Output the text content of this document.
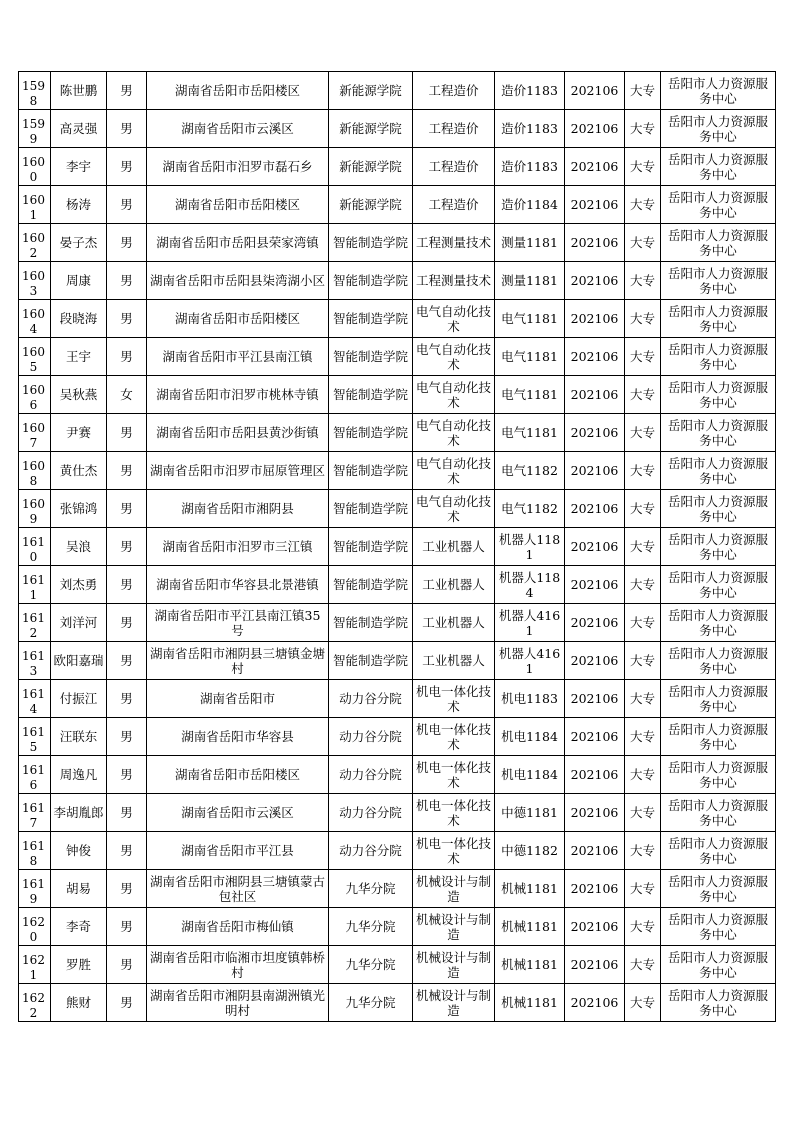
1598	陈世鹏	男	湖南省岳阳市岳阳楼区	新能源学院	工程造价	造价1183	202106	大专	岳阳市人力资源服务中心

1599	高灵强	男	湖南省岳阳市云溪区	新能源学院	工程造价	造价1183	202106	大专	岳阳市人力资源服务中心

1600	李宇	男	湖南省岳阳市汨罗市磊石乡	新能源学院	工程造价	造价1183	202106	大专	岳阳市人力资源服务中心

1601	杨涛	男	湖南省岳阳市岳阳楼区	新能源学院	工程造价	造价1184	202106	大专	岳阳市人力资源服务中心

1602	晏子杰	男	湖南省岳阳市岳阳县荣家湾镇	智能制造学院	工程测量技术	测量1181	202106	大专	岳阳市人力资源服务中心

1603	周康	男	湖南省岳阳市岳阳县柒湾湖小区	智能制造学院	工程测量技术	测量1181	202106	大专	岳阳市人力资源服务中心

1604	段晓海	男	湖南省岳阳市岳阳楼区	智能制造学院	电气自动化技术	电气1181	202106	大专	岳阳市人力资源服务中心

1605	王宇	男	湖南省岳阳市平江县南江镇	智能制造学院	电气自动化技术	电气1181	202106	大专	岳阳市人力资源服务中心

1606	吴秋燕	女	湖南省岳阳市汨罗市桃林寺镇	智能制造学院	电气自动化技术	电气1181	202106	大专	岳阳市人力资源服务中心

1607	尹赛	男	湖南省岳阳市岳阳县黄沙街镇	智能制造学院	电气自动化技术	电气1181	202106	大专	岳阳市人力资源服务中心

1608	黄仕杰	男	湖南省岳阳市汨罗市屈原管理区	智能制造学院	电气自动化技术	电气1182	202106	大专	岳阳市人力资源服务中心

1609	张锦鸿	男	湖南省岳阳市湘阴县	智能制造学院	电气自动化技术	电气1182	202106	大专	岳阳市人力资源服务中心

1610	吴浪	男	湖南省岳阳市汨罗市三江镇	智能制造学院	工业机器人	机器人1181	202106	大专	岳阳市人力资源服务中心

1611	刘杰勇	男	湖南省岳阳市华容县北景港镇	智能制造学院	工业机器人	机器人1184	202106	大专	岳阳市人力资源服务中心

1612	刘洋河	男	湖南省岳阳市平江县南江镇35号	智能制造学院	工业机器人	机器人4161	202106	大专	岳阳市人力资源服务中心

1613	欧阳嘉瑞	男	湖南省岳阳市湘阴县三塘镇金塘村	智能制造学院	工业机器人	机器人4161	202106	大专	岳阳市人力资源服务中心

1614	付振江	男	湖南省岳阳市	动力谷分院	机电一体化技术	机电1183	202106	大专	岳阳市人力资源服务中心

1615	汪联东	男	湖南省岳阳市华容县	动力谷分院	机电一体化技术	机电1184	202106	大专	岳阳市人力资源服务中心

1616	周逸凡	男	湖南省岳阳市岳阳楼区	动力谷分院	机电一体化技术	机电1184	202106	大专	岳阳市人力资源服务中心

1617	李胡胤郎	男	湖南省岳阳市云溪区	动力谷分院	机电一体化技术	中德1181	202106	大专	岳阳市人力资源服务中心

1618	钟俊	男	湖南省岳阳市平江县	动力谷分院	机电一体化技术	中德1182	202106	大专	岳阳市人力资源服务中心

1619	胡易	男	湖南省岳阳市湘阴县三塘镇蒙古包社区	九华分院	机械设计与制造	机械1181	202106	大专	岳阳市人力资源服务中心

1620	李奇	男	湖南省岳阳市梅仙镇	九华分院	机械设计与制造	机械1181	202106	大专	岳阳市人力资源服务中心

1621	罗胜	男	湖南省岳阳市临湘市坦度镇韩桥村	九华分院	机械设计与制造	机械1181	202106	大专	岳阳市人力资源服务中心

1622	熊财	男	湖南省岳阳市湘阴县南湖洲镇光明村	九华分院	机械设计与制造	机械1181	202106	大专	岳阳市人力资源服务中心
